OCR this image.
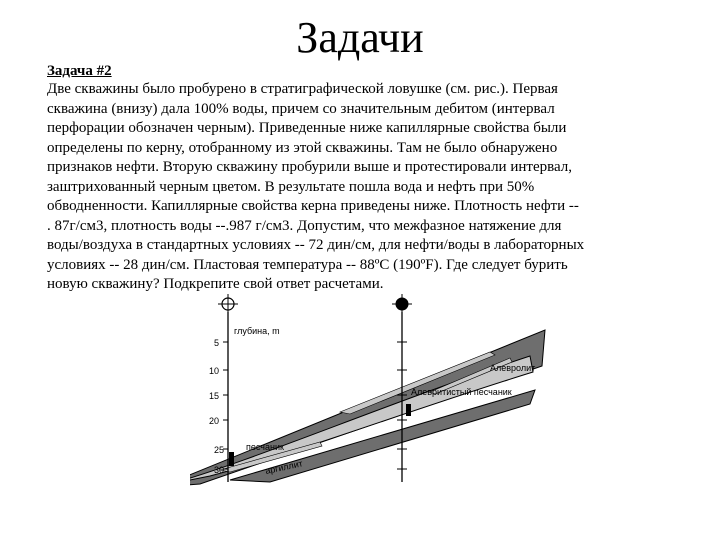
Задачи
Задача #2
Две скважины было пробурено в стратиграфической ловушке (см. рис.). Первая
скважина (внизу) дала 100% воды, причем со значительным дебитом (интервал
перфорации обозначен черным). Приведенные ниже капиллярные свойства были
определены по керну, отобранному из этой скважины. Там не было обнаружено
признаков нефти. Вторую скважину пробурили выше и протестировали интервал,
заштрихованный черным цветом. В результате пошла вода и нефть при 50%
обводненности. Капиллярные свойства керна приведены ниже. Плотность нефти --
. 87г/см3, плотность воды --.987 г/см3. Допустим, что межфазное натяжение для
воды/воздуха в стандартных условиях -- 72 дин/см, для нефти/воды в лабораторных
условиях -- 28 дин/см. Пластовая температура -- 88ºC (190ºF). Где следует бурить
новую скважину? Подкрепите свой ответ расчетами.
глубина, m
5
10
15
20
25
30
Алевролит
Алевритистый песчаник
песчаник
аргиллит
